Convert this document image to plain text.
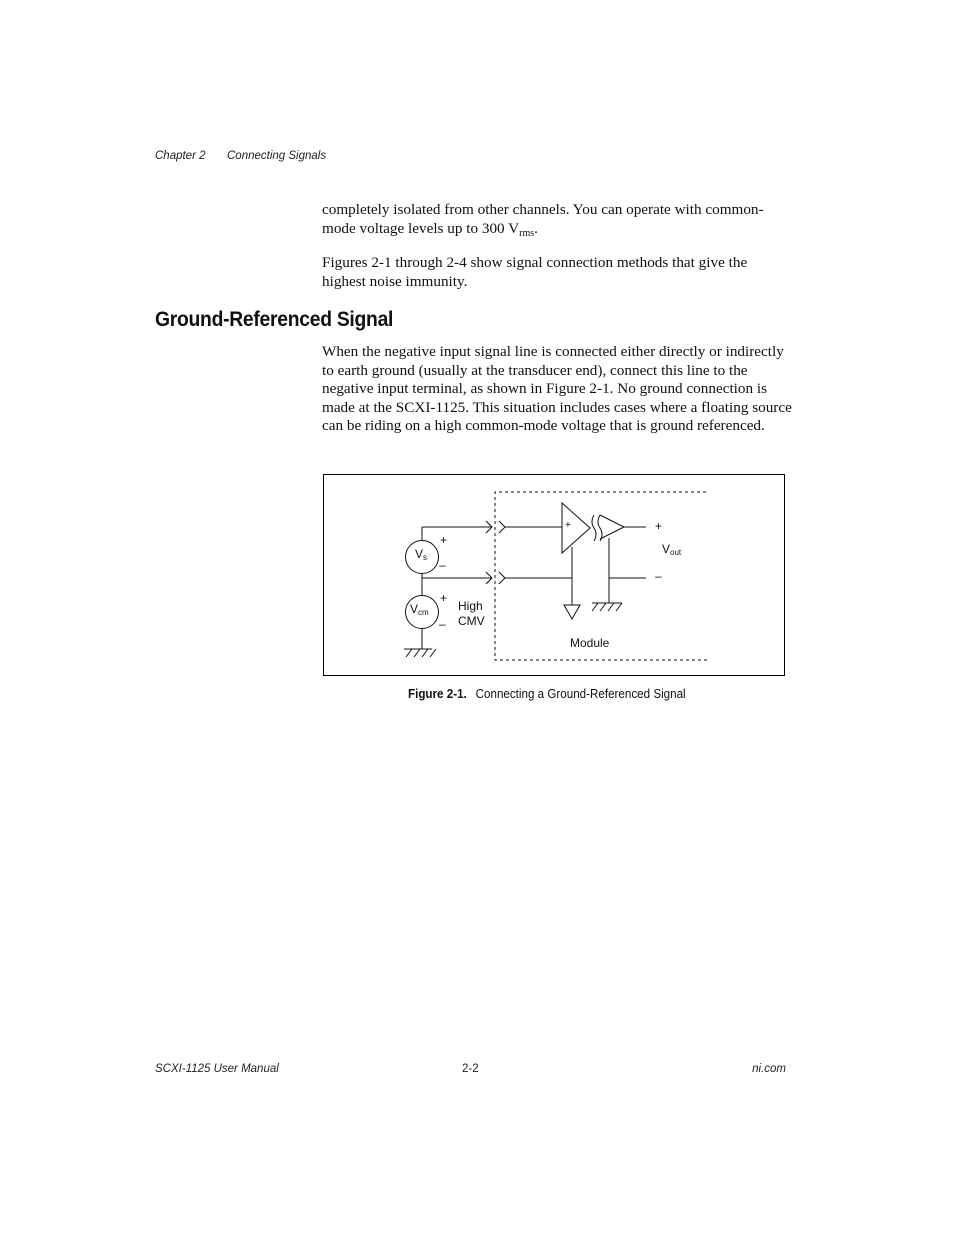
Chapter 2 Connecting Signals

completely isolated from other channels. You can operate with common-mode voltage levels up to 300 $V_{rms}$.

Figures 2-1 through 2-4 show signal connection methods that give the highest noise immunity.

Ground-Referenced Signal

When the negative input signal line is connected either directly or indirectly to earth ground (usually at the transducer end), connect this line to the negative input terminal, as shown in Figure 2-1. No ground connection is made at the SCXI-1125. This situation includes cases where a floating source can be riding on a high common-mode voltage that is ground referenced.

$V_s$
$V_{cm}$
+
–
+
–
High
CMV
+	+
–
$V_{out}$
Module
Figure 2-1. Connecting a Ground-Referenced Signal
SCXI-1125 User Manual	2-2	ni.com
